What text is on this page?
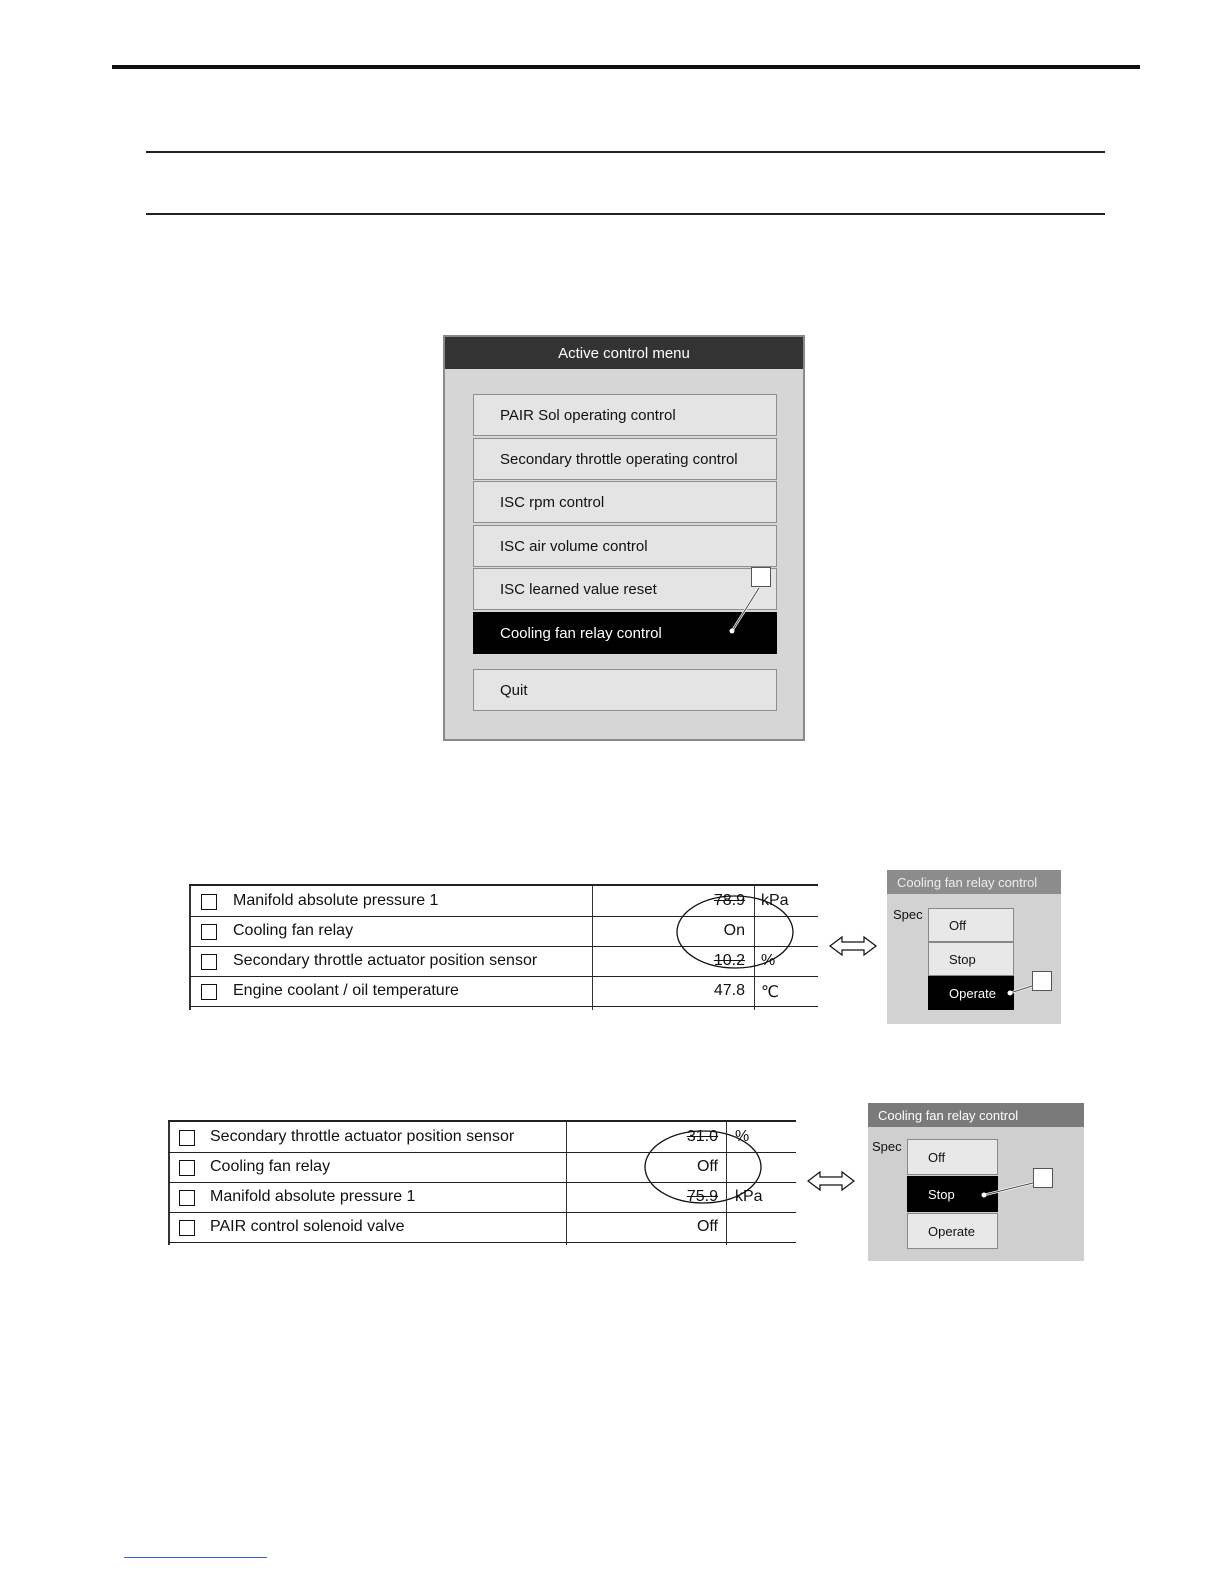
Active control menu
PAIR Sol operating control
Secondary throttle operating control
ISC rpm control
ISC air volume control
ISC learned value reset
Cooling fan relay control
Quit
Manifold absolute pressure 1	78.9 kPa
Cooling fan relay	On
Secondary throttle actuator position sensor	10.2 %
Engine coolant / oil temperature	47.8 ℃
Cooling fan relay control
Spec
Off
Stop
Operate
Secondary throttle actuator position sensor	31.0 %
Cooling fan relay	Off
Manifold absolute pressure 1	75.9 kPa
PAIR control solenoid valve	Off
Cooling fan relay control
Spec
Off
Stop
Operate
